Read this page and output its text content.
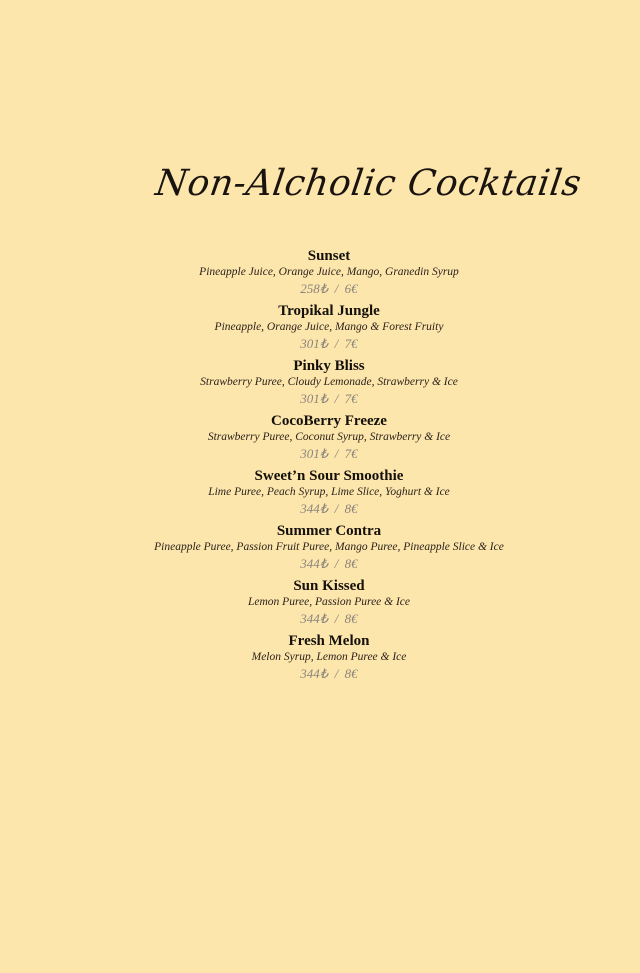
Non-Alcholic Cocktails
Sunset
Pineapple Juice, Orange Juice, Mango, Granedin Syrup
258₺  /  6€
Tropikal Jungle
Pineapple, Orange Juice, Mango & Forest Fruity
301₺  /  7€
Pinky Bliss
Strawberry Puree, Cloudy Lemonade, Strawberry & Ice
301₺  /  7€
CocoBerry Freeze
Strawberry Puree, Coconut Syrup, Strawberry & Ice
301₺  /  7€
Sweet’n Sour Smoothie
Lime Puree, Peach Syrup, Lime Slice, Yoghurt & Ice
344₺  /  8€
Summer Contra
Pineapple Puree, Passion Fruit Puree, Mango Puree, Pineapple Slice & Ice
344₺  /  8€
Sun Kissed
Lemon Puree, Passion Puree & Ice
344₺  /  8€
Fresh Melon
Melon Syrup, Lemon Puree & Ice
344₺  /  8€
